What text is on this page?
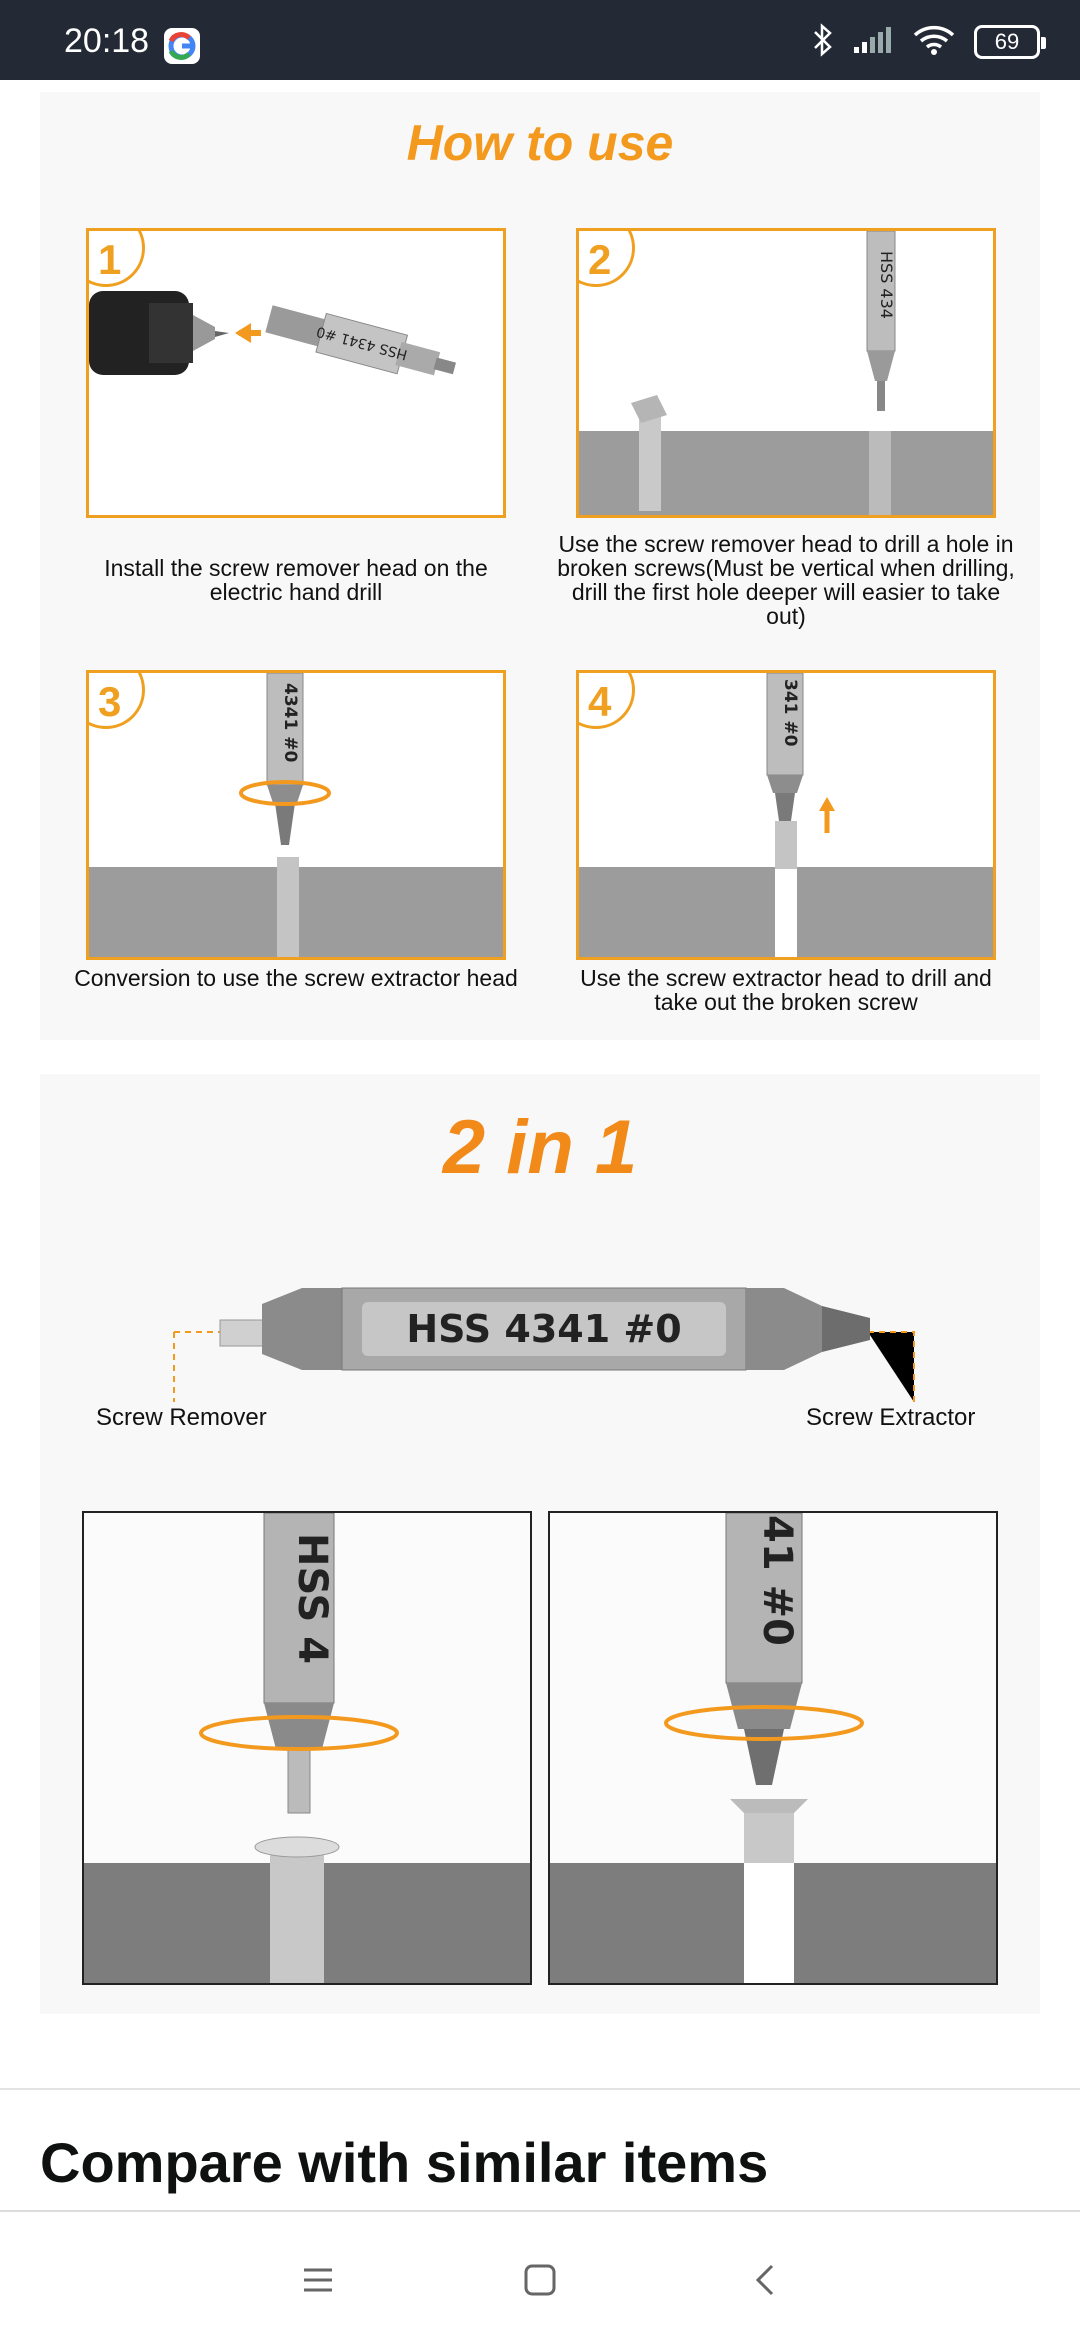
20:18	69
How to use
HSS 4341 #0
1
Install the screw remover head on the electric hand drill
HSS 434
2
Use the screw remover head to drill a hole in broken screws(Must be vertical when drilling, drill the first hole deeper will easier to take out)
4341 #0
3
Conversion to use the screw extractor head
341 #0
4
Use the screw extractor head to drill and take out the broken screw
2 in 1
HSS 4341 #0
Screw Remover	Screw Extractor
HSS 4	41 #0
Compare with similar items
